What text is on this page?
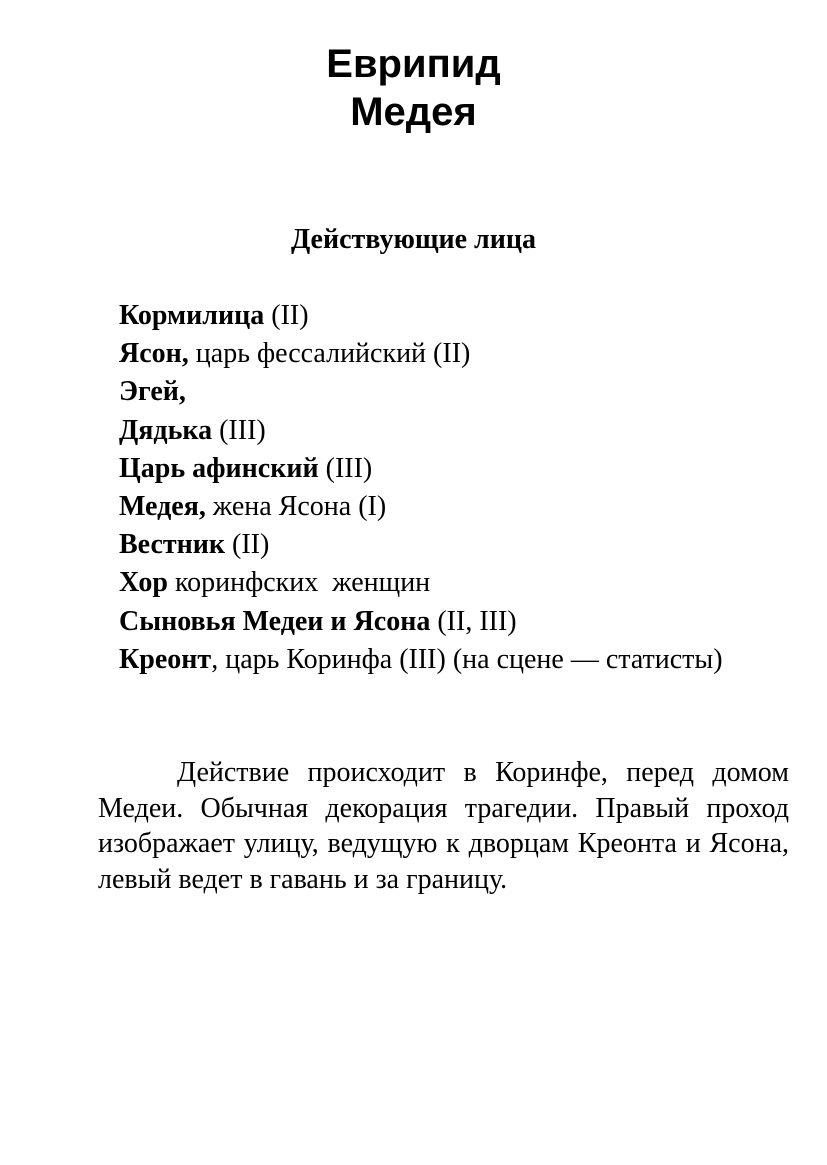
Еврипид
Медея
Действующие лица
Кормилица (II)
Ясон, царь фессалийский (II)
Эгей,
Дядька (III)
Царь афинский (III)
Медея, жена Ясона (I)
Вестник (II)
Хор коринфских  женщин
Сыновья Медеи и Ясона (II, III)
Креонт, царь Коринфа (III) (на сцене — статисты)
Действие происходит в Коринфе, перед домом Медеи. Обычная декорация трагедии. Правый проход изображает улицу, ведущую к дворцам Креонта и Ясона, левый ведет в гавань и за границу.
